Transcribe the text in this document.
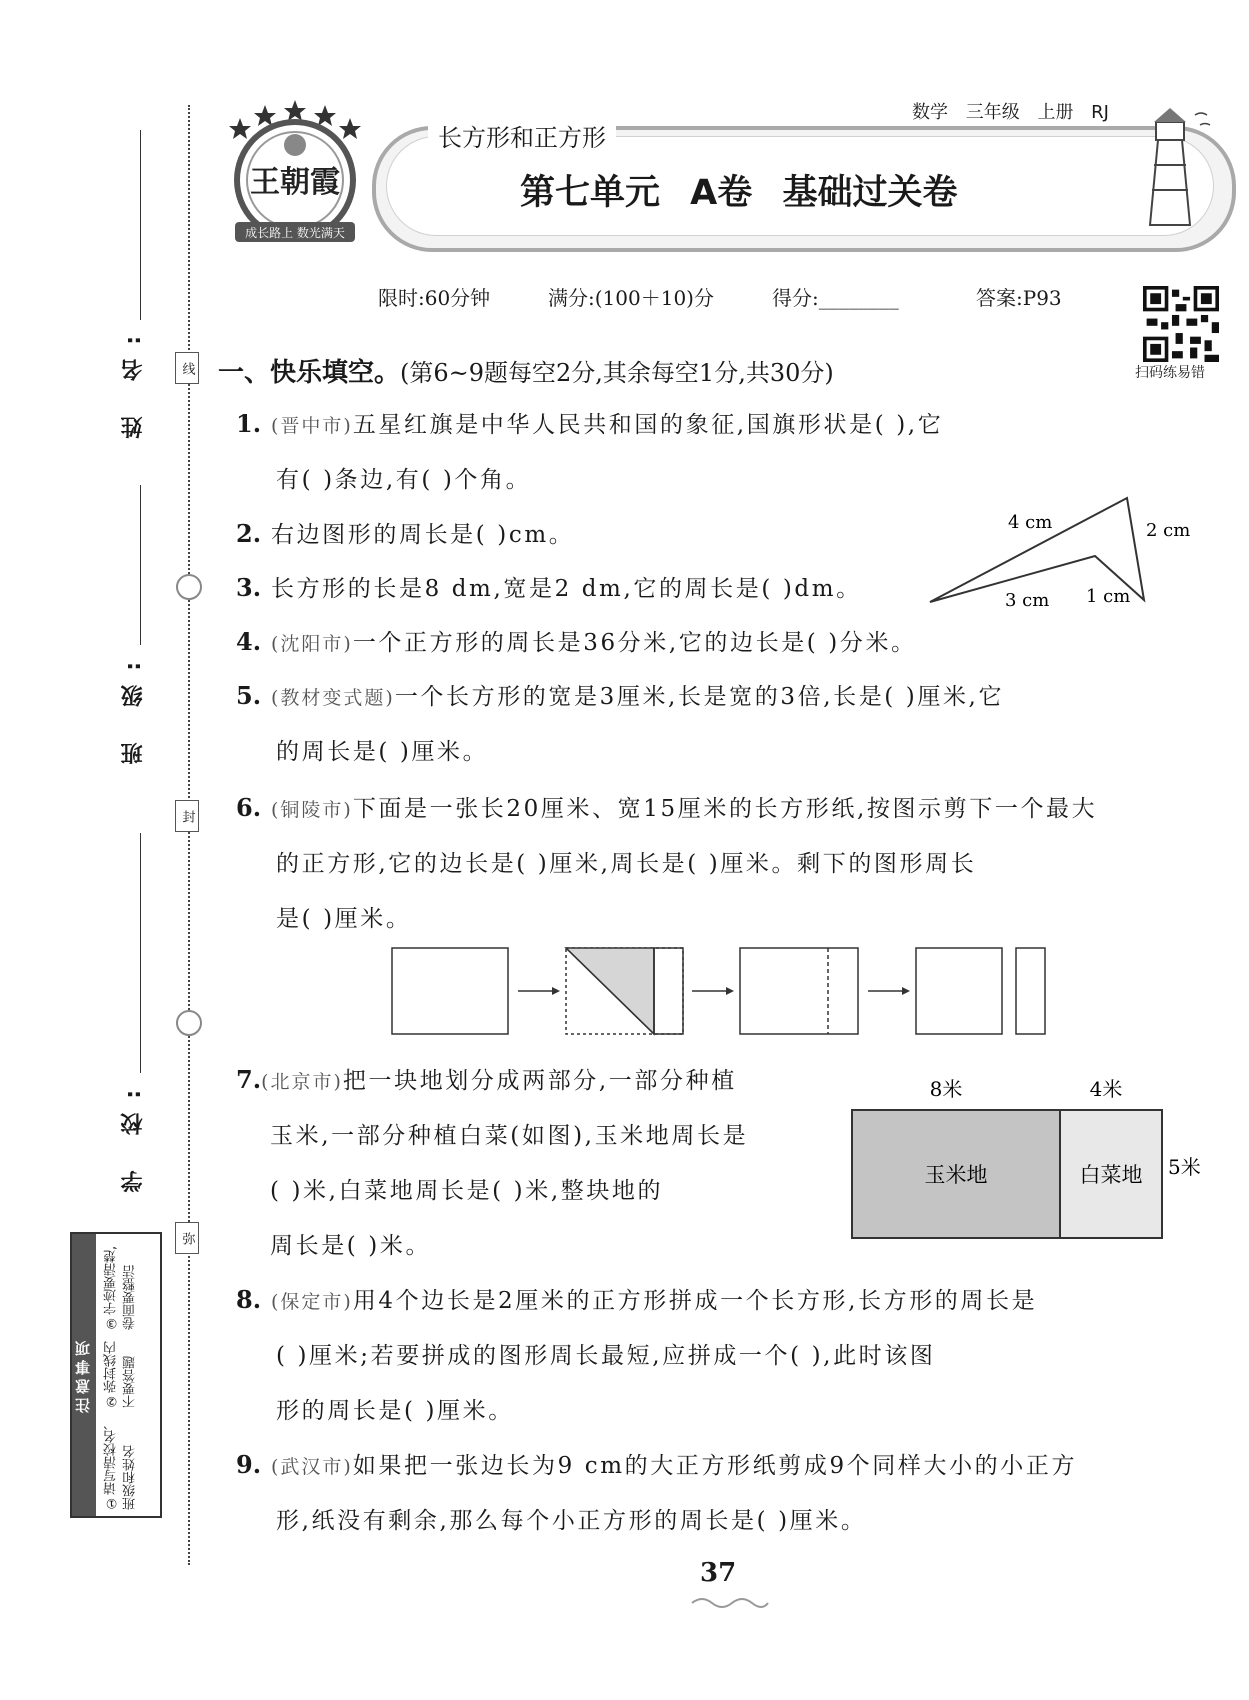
线
封
弥
姓 名:
班 级:
学 校:
注意事项
①请写清校名、班级和姓名
②弥封线内不要答题
③字迹要清楚,卷面要整洁
王朝霞
成长路上 数光满天
长方形和正方形
数学 三年级 上册 RJ
第七单元 A卷 基础过关卷
限时:60分钟	满分:(100＋10)分	得分:________	答案:P93
扫码练易错
一、快乐填空。(第6~9题每空2分,其余每空1分,共30分)
1. (晋中市)五星红旗是中华人民共和国的象征,国旗形状是( ),它
有( )条边,有( )个角。
2. 右边图形的周长是( )cm。	4 cm	2 cm
3 cm 1 cm
3. 长方形的长是8 dm,宽是2 dm,它的周长是( )dm。
4. (沈阳市)一个正方形的周长是36分米,它的边长是( )分米。
5. (教材变式题)一个长方形的宽是3厘米,长是宽的3倍,长是( )厘米,它
的周长是( )厘米。
6. (铜陵市)下面是一张长20厘米、宽15厘米的长方形纸,按图示剪下一个最大
的正方形,它的边长是( )厘米,周长是( )厘米。剩下的图形周长
是( )厘米。
7.(北京市)把一块地划分成两部分,一部分种植
玉米,一部分种植白菜(如图),玉米地周长是
( )米,白菜地周长是( )米,整块地的
周长是( )米。
8米	4米
玉米地	白菜地 5米
8. (保定市)用4个边长是2厘米的正方形拼成一个长方形,长方形的周长是
( )厘米;若要拼成的图形周长最短,应拼成一个( ),此时该图
形的周长是( )厘米。
9. (武汉市)如果把一张边长为9 cm的大正方形纸剪成9个同样大小的小正方
形,纸没有剩余,那么每个小正方形的周长是( )厘米。
37
